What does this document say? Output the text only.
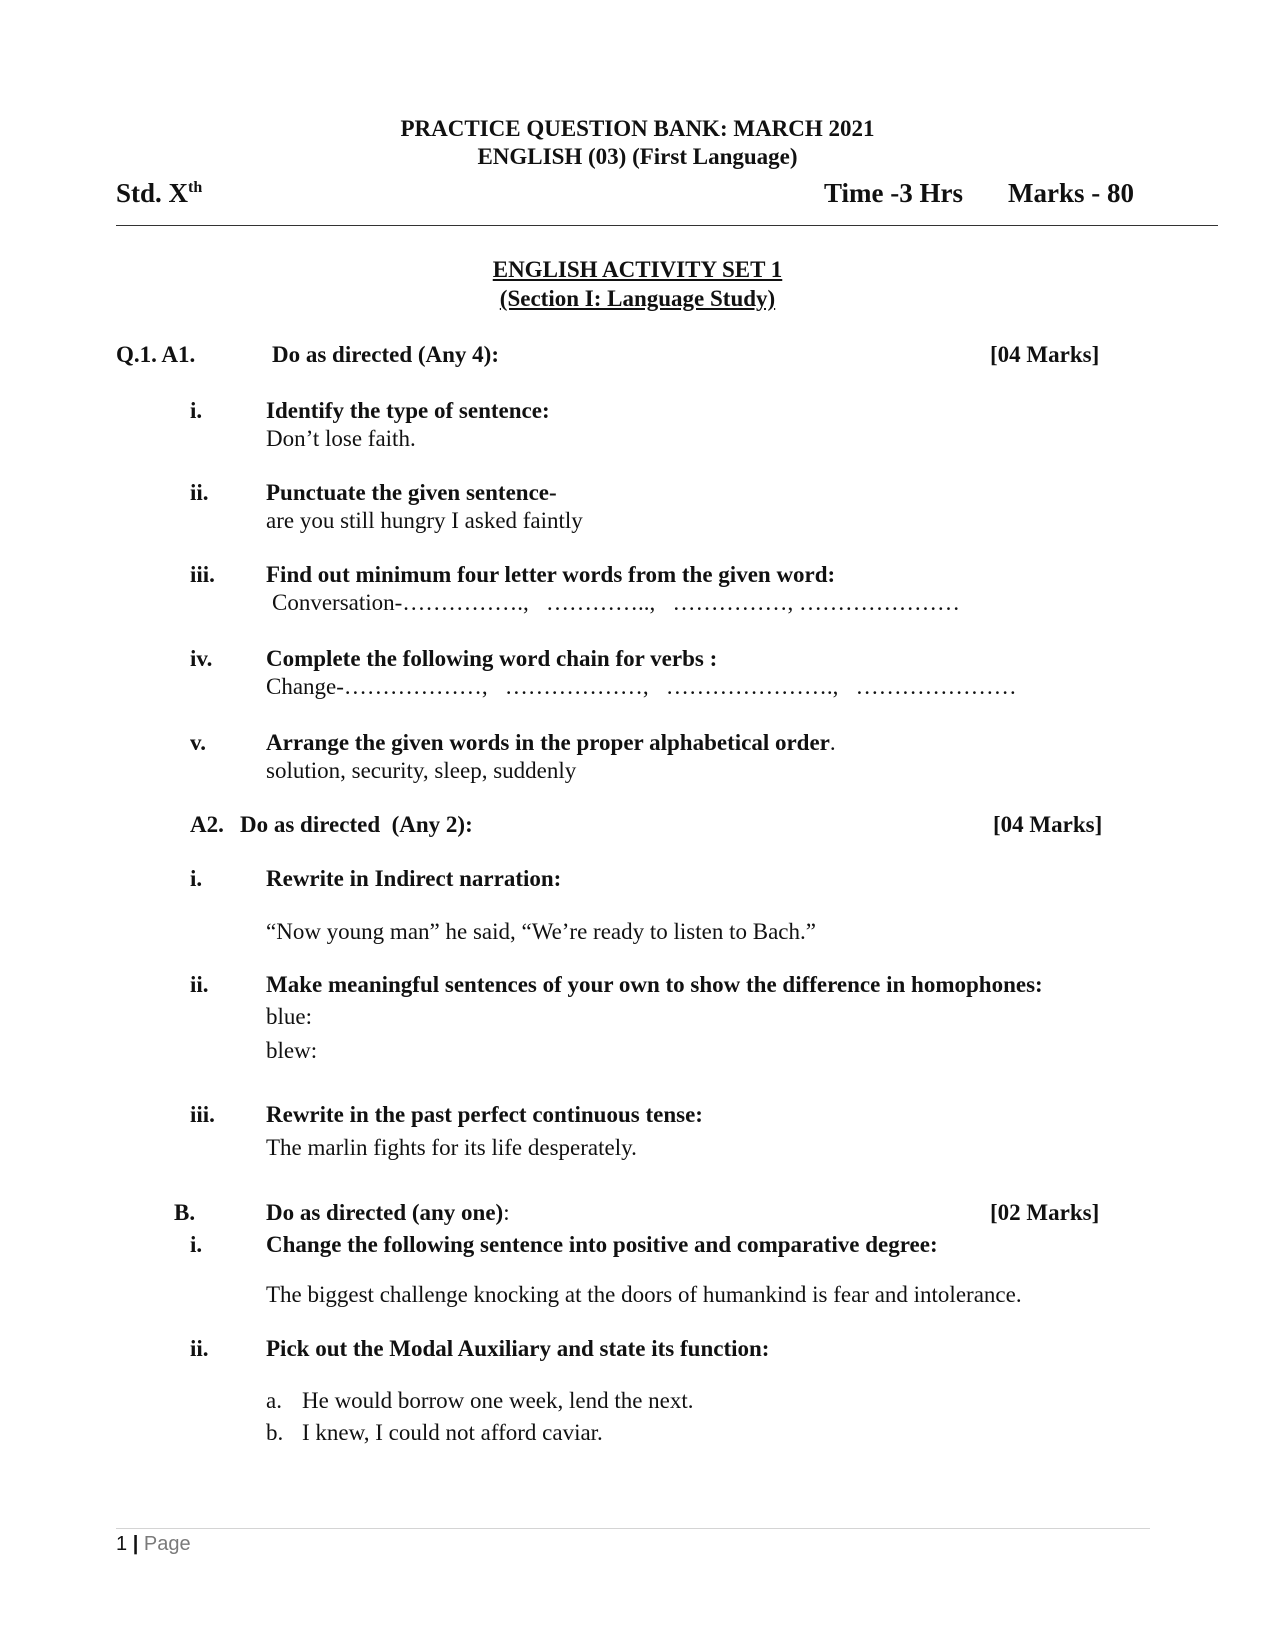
PRACTICE QUESTION BANK: MARCH 2021
ENGLISH (03) (First Language)
Std. Xth	Time -3 Hrs Marks - 80
ENGLISH ACTIVITY SET 1
(Section I: Language Study)
Q.1. A1.	Do as directed (Any 4):	[04 Marks]
i.	Identify the type of sentence:
Don’t lose faith.
ii. Punctuate the given sentence-
are you still hungry I asked faintly
iii. Find out minimum four letter words from the given word:
Conversation-…………….,   …………..,   ……………, …………………
iv. Complete the following word chain for verbs :
Change-………………,   ………………,   ………………….,   …………………
v.	Arrange the given words in the proper alphabetical order.
solution, security, sleep, suddenly
A2. Do as directed  (Any 2):	[04 Marks]
i.	Rewrite in Indirect narration:
“Now young man” he said, “We’re ready to listen to Bach.”
ii. Make meaningful sentences of your own to show the difference in homophones:
blue:
blew:
iii. Rewrite in the past perfect continuous tense:
The marlin fights for its life desperately.
B.	Do as directed (any one):	[02 Marks]
i.	Change the following sentence into positive and comparative degree:
The biggest challenge knocking at the doors of humankind is fear and intolerance.
ii. Pick out the Modal Auxiliary and state its function:
a. He would borrow one week, lend the next.
b. I knew, I could not afford caviar.
1 | Page
